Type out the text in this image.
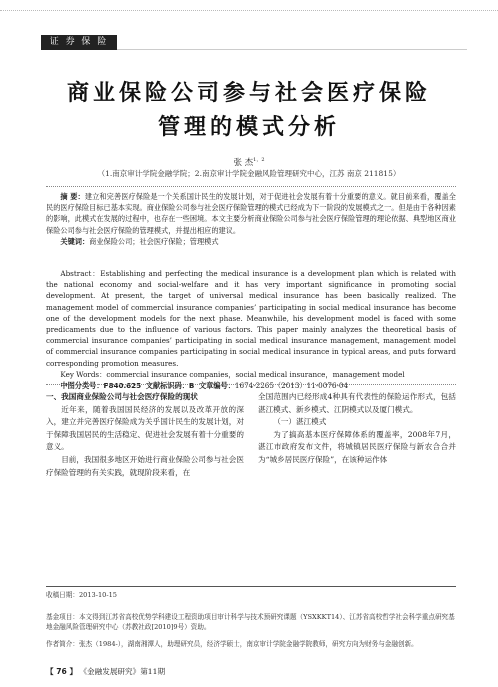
证 券 保 险
商业保险公司参与社会医疗保险
管理的模式分析
张 杰$^{1,2}$
（1.南京审计学院金融学院；2.南京审计学院金融风险管理研究中心，江苏 南京 211815）
摘 要：建立和完善医疗保险是一个关系国计民生的发展计划，对于促进社会发展有着十分重要的意义。就目前来看，覆盖全民的医疗保险目标已基本实现。商业保险公司参与社会医疗保险管理的模式已经成为下一阶段的发展模式之一。但是由于各种因素的影响，此模式在发展的过程中，也存在一些困境。本文主要分析商业保险公司参与社会医疗保险管理的理论依据、典型地区商业保险公司参与社会医疗保险的管理模式，并提出相应的建议。
关键词：商业保险公司；社会医疗保险；管理模式
Abstract：Establishing and perfecting the medical insurance is a development plan which is related with the national economy and social-welfare and it has very important significance in promoting social development. At present, the target of universal medical insurance has been basically realized. The management model of commercial insurance companies’ participating in social medical insurance has become one of the development models for the next phase. Meanwhile, his development model is faced with some predicaments due to the influence of various factors. This paper mainly analyzes the theoretical basis of commercial insurance companies’ participating in social medical insurance management, management model of commercial insurance companies participating in social medical insurance in typical areas, and puts forward corresponding promotion measures.
Key Words：commercial insurance companies，social medical insurance，management model
中图分类号：F840.625 文献标识码：B 文章编号：1674-2265（2013）11-0076-04

一、我国商业保险公司与社会医疗保险的现状

近年来，随着我国国民经济的发展以及改革开放的深入，建立并完善医疗保险成为关乎国计民生的发展计划，对于保障我国居民的生活稳定、促进社会发展有着十分重要的意义。

目前，我国很多地区开始进行商业保险公司参与社会医疗保险管理的有关实践，就现阶段来看，在

全国范围内已经形成4种具有代表性的保险运作形式，包括湛江模式、新乡模式、江阴模式以及厦门模式。

（一）湛江模式

为了搞高基本医疗保障体系的覆盖率，2008年7月，湛江市政府发布文件，将城镇居民医疗保险与新农合合并为“城乡居民医疗保险”，在该种运作体

收稿日期：2013-10-15
基金项目：本文得到江苏省高校优势学科建设工程资助项目审计科学与技术预研究课题（YSXKKT14）、江苏省高校哲学社会科学重点研究基地金融风险管理研究中心（苏教社政[2010]9号）资助。
作者简介：张杰（1984-），湖南湘潭人，助理研究员，经济学硕士，南京审计学院金融学院教师，研究方向为财务与金融创新。
【 76 】 《金融发展研究》第11期
